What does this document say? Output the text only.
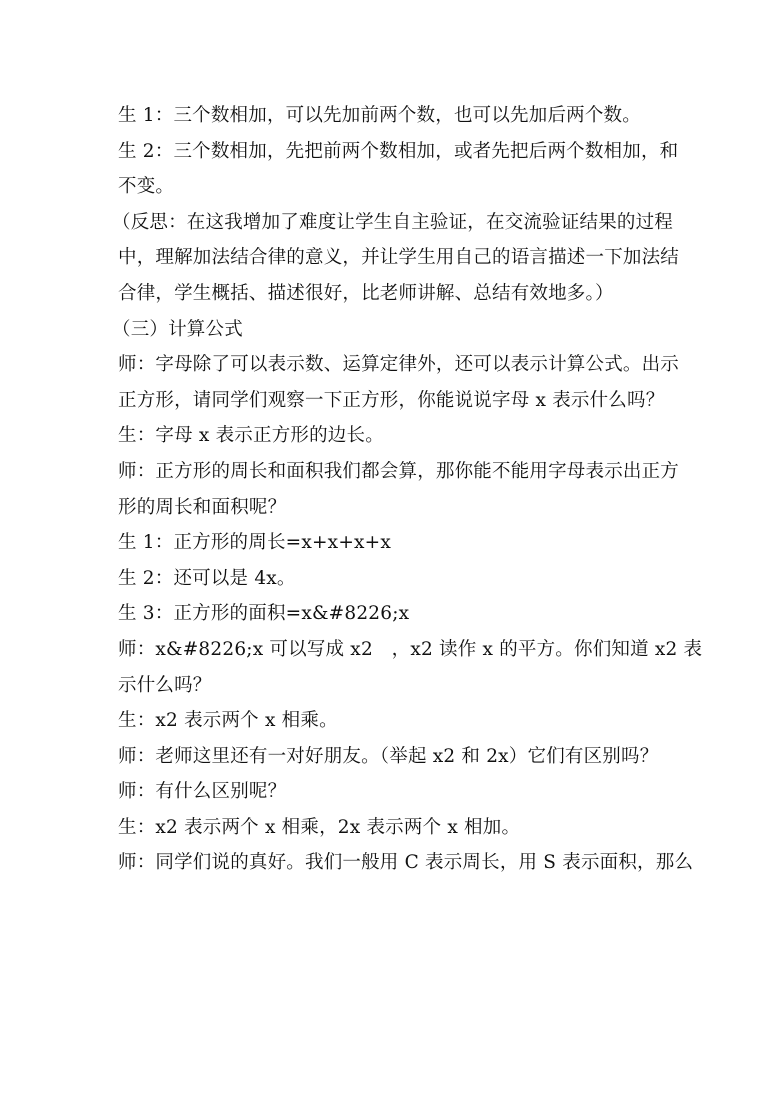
生 1：三个数相加，可以先加前两个数，也可以先加后两个数。
生 2：三个数相加，先把前两个数相加，或者先把后两个数相加，和
不变。
（反思：在这我增加了难度让学生自主验证，在交流验证结果的过程
中，理解加法结合律的意义，并让学生用自己的语言描述一下加法结
合律，学生概括、描述很好，比老师讲解、总结有效地多。）
（三）计算公式
师：字母除了可以表示数、运算定律外，还可以表示计算公式。出示
正方形，请同学们观察一下正方形，你能说说字母 x 表示什么吗？
生：字母 x 表示正方形的边长。
师：正方形的周长和面积我们都会算，那你能不能用字母表示出正方
形的周长和面积呢？
生 1：正方形的周长=x+x+x+x
生 2：还可以是 4x。
生 3：正方形的面积=x&#8226;x
师：x&#8226;x 可以写成 x2　，x2 读作 x 的平方。你们知道 x2 表
示什么吗？
生：x2 表示两个 x 相乘。
师：老师这里还有一对好朋友。（举起 x2 和 2x）它们有区别吗？
师：有什么区别呢？
生：x2 表示两个 x 相乘，2x 表示两个 x 相加。
师：同学们说的真好。我们一般用 C 表示周长，用 S 表示面积，那么
